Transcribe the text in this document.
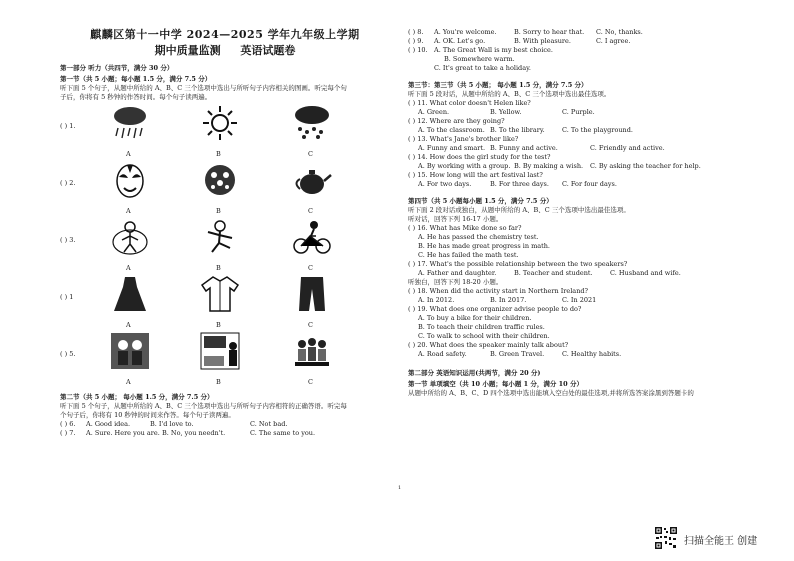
麒麟区第十一中学 2024—2025 学年九年级上学期
期中质量监测 英语试题卷
第一部分 听力（共四节，满分 30 分）
第一节（共 5 小题；每小题 1.5 分，满分 7.5 分）
听下面 5 个句子，从题中所给的 A、B、C 三个选项中选出与所听句子内容相关的图画。听完每个句
子后，你将有 5 秒钟的作答时间。每个句子读两遍。
( ) 1.
A	B	C
( ) 2.
A	B	C
( ) 3.
A	B	C
( ) 1
A	B	C
( ) 5.
A	B	C
第二节（共 5 小题； 每小题 1.5 分，满分 7.5 分）
听下面 5 个句子，从题中所给的 A、B、C 三个选项中选出与所听句子内容相符的正确答语。听完每
个句子后，你将有 10 秒钟的时间来作答。每个句子读两遍。
( ) 6.	A. Good idea.	B. I'd love to.	C. Not bad.
( ) 7.	A. Sure. Here you are. B. No, you needn't.	C. The same to you.
( ) 8.	A. You're welcome.	B. Sorry to hear that.	C. No, thanks.
( ) 9.	A. OK. Let's go.	B. With pleasure.	C. I agree.
( ) 10. A. The Great Wall is my best choice.
B. Somewhere warm.
C. It's great to take a holiday.
第三节：第三节（共 5 小题； 每小题 1.5 分，满分 7.5 分）
听下面 5 段对话，从题中所给的 A、B、C 三个选项中选出最佳选项。
( ) 11. What color doesn't Helen like?
A. Green.	B. Yellow.	C. Purple.
( ) 12. Where are they going?
A. To the classroom. B. To the library.	C. To the playground.
( ) 13. What's Jane's brother like?
A. Funny and smart. B. Funny and active.	C. Friendly and active.
( ) 14. How does the girl study for the test?
A. By working with a group. B. By making a wish.	C. By asking the teacher for help.
( ) 15. How long will the art festival last?
A. For two days.	B. For three days.	C. For four days.
第四节（共 5 小题每小题 1.5 分，满分 7.5 分）
听下面 2 段对话或独白，从题中所给的 A、B、C 三个选项中选出最佳选项。
听对话，回答下列 16-17 小题。
( ) 16. What has Mike done so far?
A. He has passed the chemistry test.
B. He has made great progress in math.
C. He has failed the math test.
( ) 17. What's the possible relationship between the two speakers?
A. Father and daughter.	B. Teacher and student.	C. Husband and wife.
听独白，回答下列 18-20 小题。
( ) 18. When did the activity start in Northern Ireland?
A. In 2012.	B. In 2017.	C. In 2021
( ) 19. What does one organizer advise people to do?
A. To buy a bike for their children.
B. To teach their children traffic rules.
C. To walk to school with their children.
( ) 20. What does the speaker mainly talk about?
A. Road safety.	B. Green Travel.	C. Healthy habits.
第二部分 英语知识运用(共两节，满分 20 分)
第一节 单项填空（共 10 小题；每小题 1 分，满分 10 分）
从题中所给的 A、B、C、D 四个选项中选出能填入空白处的最佳选项,并将所选答案涂黑到答题卡的
1
扫描全能王 创建
